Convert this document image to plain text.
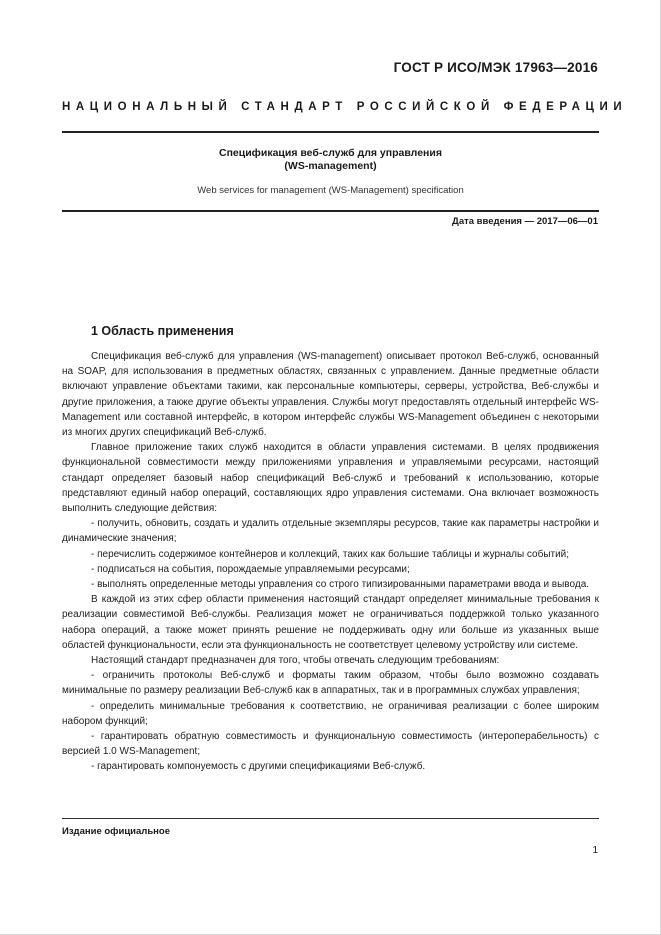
ГОСТ Р ИСО/МЭК 17963—2016
НАЦИОНАЛЬНЫЙ СТАНДАРТ РОССИЙСКОЙ ФЕДЕРАЦИИ
Спецификация веб-служб для управления
(WS-management)
Web services for management (WS-Management) specification
Дата введения — 2017—06—01
1 Область применения

Спецификация веб-служб для управления (WS-management) описывает протокол Веб-служб, основанный на SOAP, для использования в предметных областях, связанных с управлением. Данные предметные области включают управление объектами такими, как персональные компьютеры, серверы, устройства, Веб-службы и другие приложения, а также другие объекты управления. Службы могут предоставлять отдельный интерфейс WS-Management или составной интерфейс, в котором интерфейс службы WS-Management объединен с некоторыми из многих других спецификаций Веб-служб.

Главное приложение таких служб находится в области управления системами. В целях продвижения функциональной совместимости между приложениями управления и управляемыми ресурсами, настоящий стандарт определяет базовый набор спецификаций Веб-служб и требований к использованию, которые представляют единый набор операций, составляющих ядро управления системами. Она включает возможность выполнить следующие действия:

- получить, обновить, создать и удалить отдельные экземпляры ресурсов, такие как параметры настройки и динамические значения;

- перечислить содержимое контейнеров и коллекций, таких как большие таблицы и журналы событий;

- подписаться на события, порождаемые управляемыми ресурсами;

- выполнять определенные методы управления со строго типизированными параметрами ввода и вывода.

В каждой из этих сфер области применения настоящий стандарт определяет минимальные требования к реализации совместимой Веб-службы. Реализация может не ограничиваться поддержкой только указанного набора операций, а также может принять решение не поддерживать одну или больше из указанных выше областей функциональности, если эта функциональность не соответствует целевому устройству или системе.

Настоящий стандарт предназначен для того, чтобы отвечать следующим требованиям:

- ограничить протоколы Веб-служб и форматы таким образом, чтобы было возможно создавать минимальные по размеру реализации Веб-служб как в аппаратных, так и в программных службах управления;

- определить минимальные требования к соответствию, не ограничивая реализации с более широким набором функций;

- гарантировать обратную совместимость и функциональную совместимость (интероперабельность) с версией 1.0 WS-Management;

- гарантировать компонуемость с другими спецификациями Веб-служб.

Издание официальное
1
